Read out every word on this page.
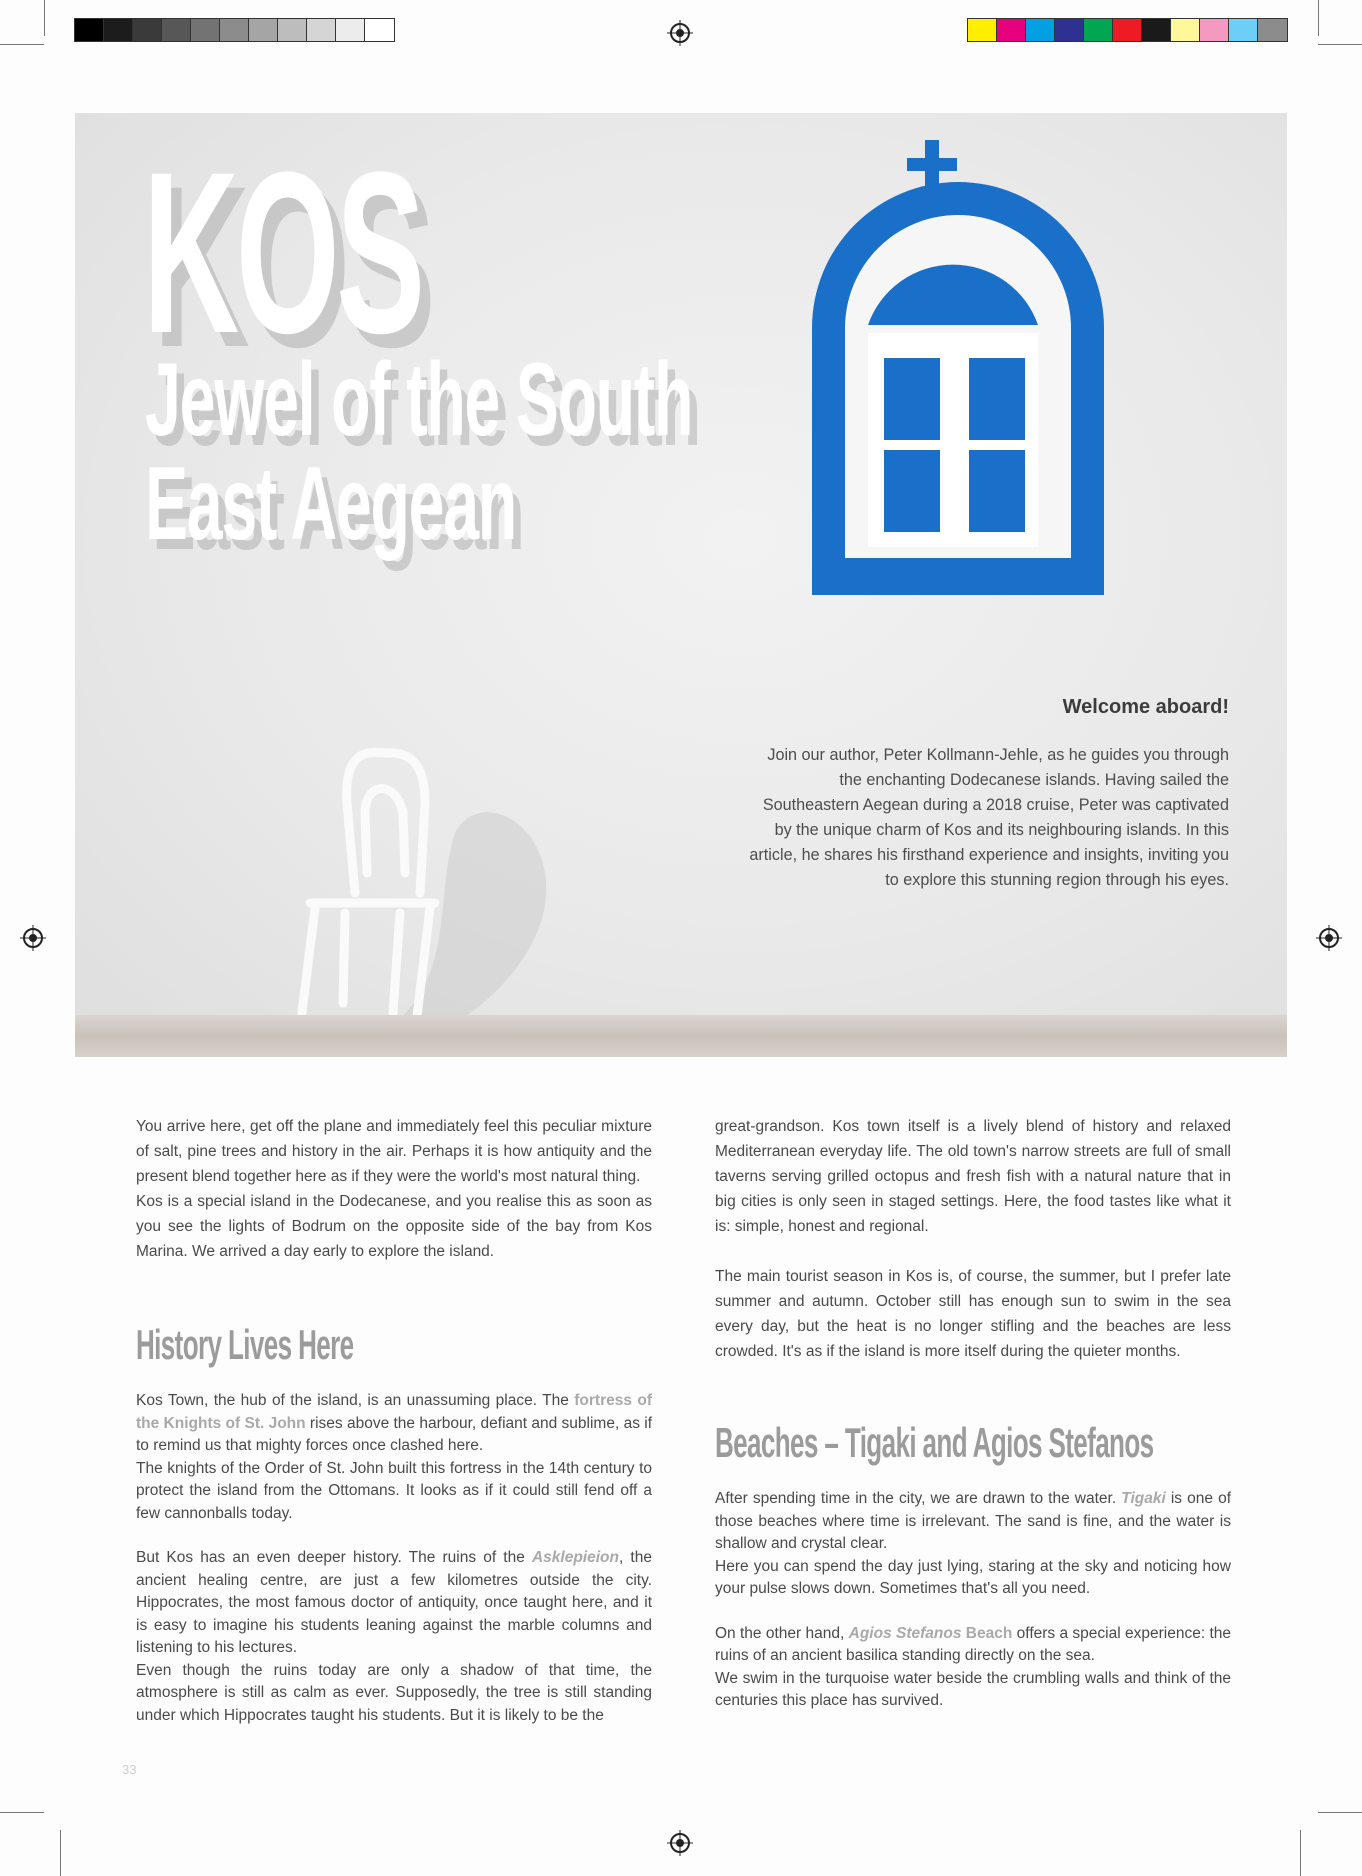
KOS
Jewel of the South
East Aegean
Welcome aboard!

Join our author, Peter Kollmann-Jehle, as he guides you through the enchanting Dodecanese islands. Having sailed the Southeastern Aegean during a 2018 cruise, Peter was captivated by the unique charm of Kos and its neighbouring islands. In this article, he shares his firsthand experience and insights, inviting you to explore this stunning region through his eyes.

You arrive here, get off the plane and immediately feel this peculiar mixture of salt, pine trees and history in the air. Perhaps it is how antiquity and the present blend together here as if they were the world's most natural thing.

Kos is a special island in the Dodecanese, and you realise this as soon as you see the lights of Bodrum on the opposite side of the bay from Kos Marina. We arrived a day early to explore the island.

History Lives Here

Kos Town, the hub of the island, is an unassuming place. The fortress of the Knights of St. John rises above the harbour, defiant and sublime, as if to remind us that mighty forces once clashed here.

The knights of the Order of St. John built this fortress in the 14th century to protect the island from the Ottomans. It looks as if it could still fend off a few cannonballs today.

But Kos has an even deeper history. The ruins of the Asklepieion, the ancient healing centre, are just a few kilometres outside the city. Hippocrates, the most famous doctor of antiquity, once taught here, and it is easy to imagine his students leaning against the marble columns and listening to his lectures.

Even though the ruins today are only a shadow of that time, the atmosphere is still as calm as ever. Supposedly, the tree is still standing under which Hippocrates taught his students. But it is likely to be the

great-grandson. Kos town itself is a lively blend of history and relaxed Mediterranean everyday life. The old town's narrow streets are full of small taverns serving grilled octopus and fresh fish with a natural nature that in big cities is only seen in staged settings. Here, the food tastes like what it is: simple, honest and regional.

The main tourist season in Kos is, of course, the summer, but I prefer late summer and autumn. October still has enough sun to swim in the sea every day, but the heat is no longer stifling and the beaches are less crowded. It's as if the island is more itself during the quieter months.

Beaches – Tigaki and Agios Stefanos

After spending time in the city, we are drawn to the water. Tigaki is one of those beaches where time is irrelevant. The sand is fine, and the water is shallow and crystal clear.

Here you can spend the day just lying, staring at the sky and noticing how your pulse slows down. Sometimes that's all you need.

On the other hand, Agios Stefanos Beach offers a special experience: the ruins of an ancient basilica standing directly on the sea.

We swim in the turquoise water beside the crumbling walls and think of the centuries this place has survived.

33
